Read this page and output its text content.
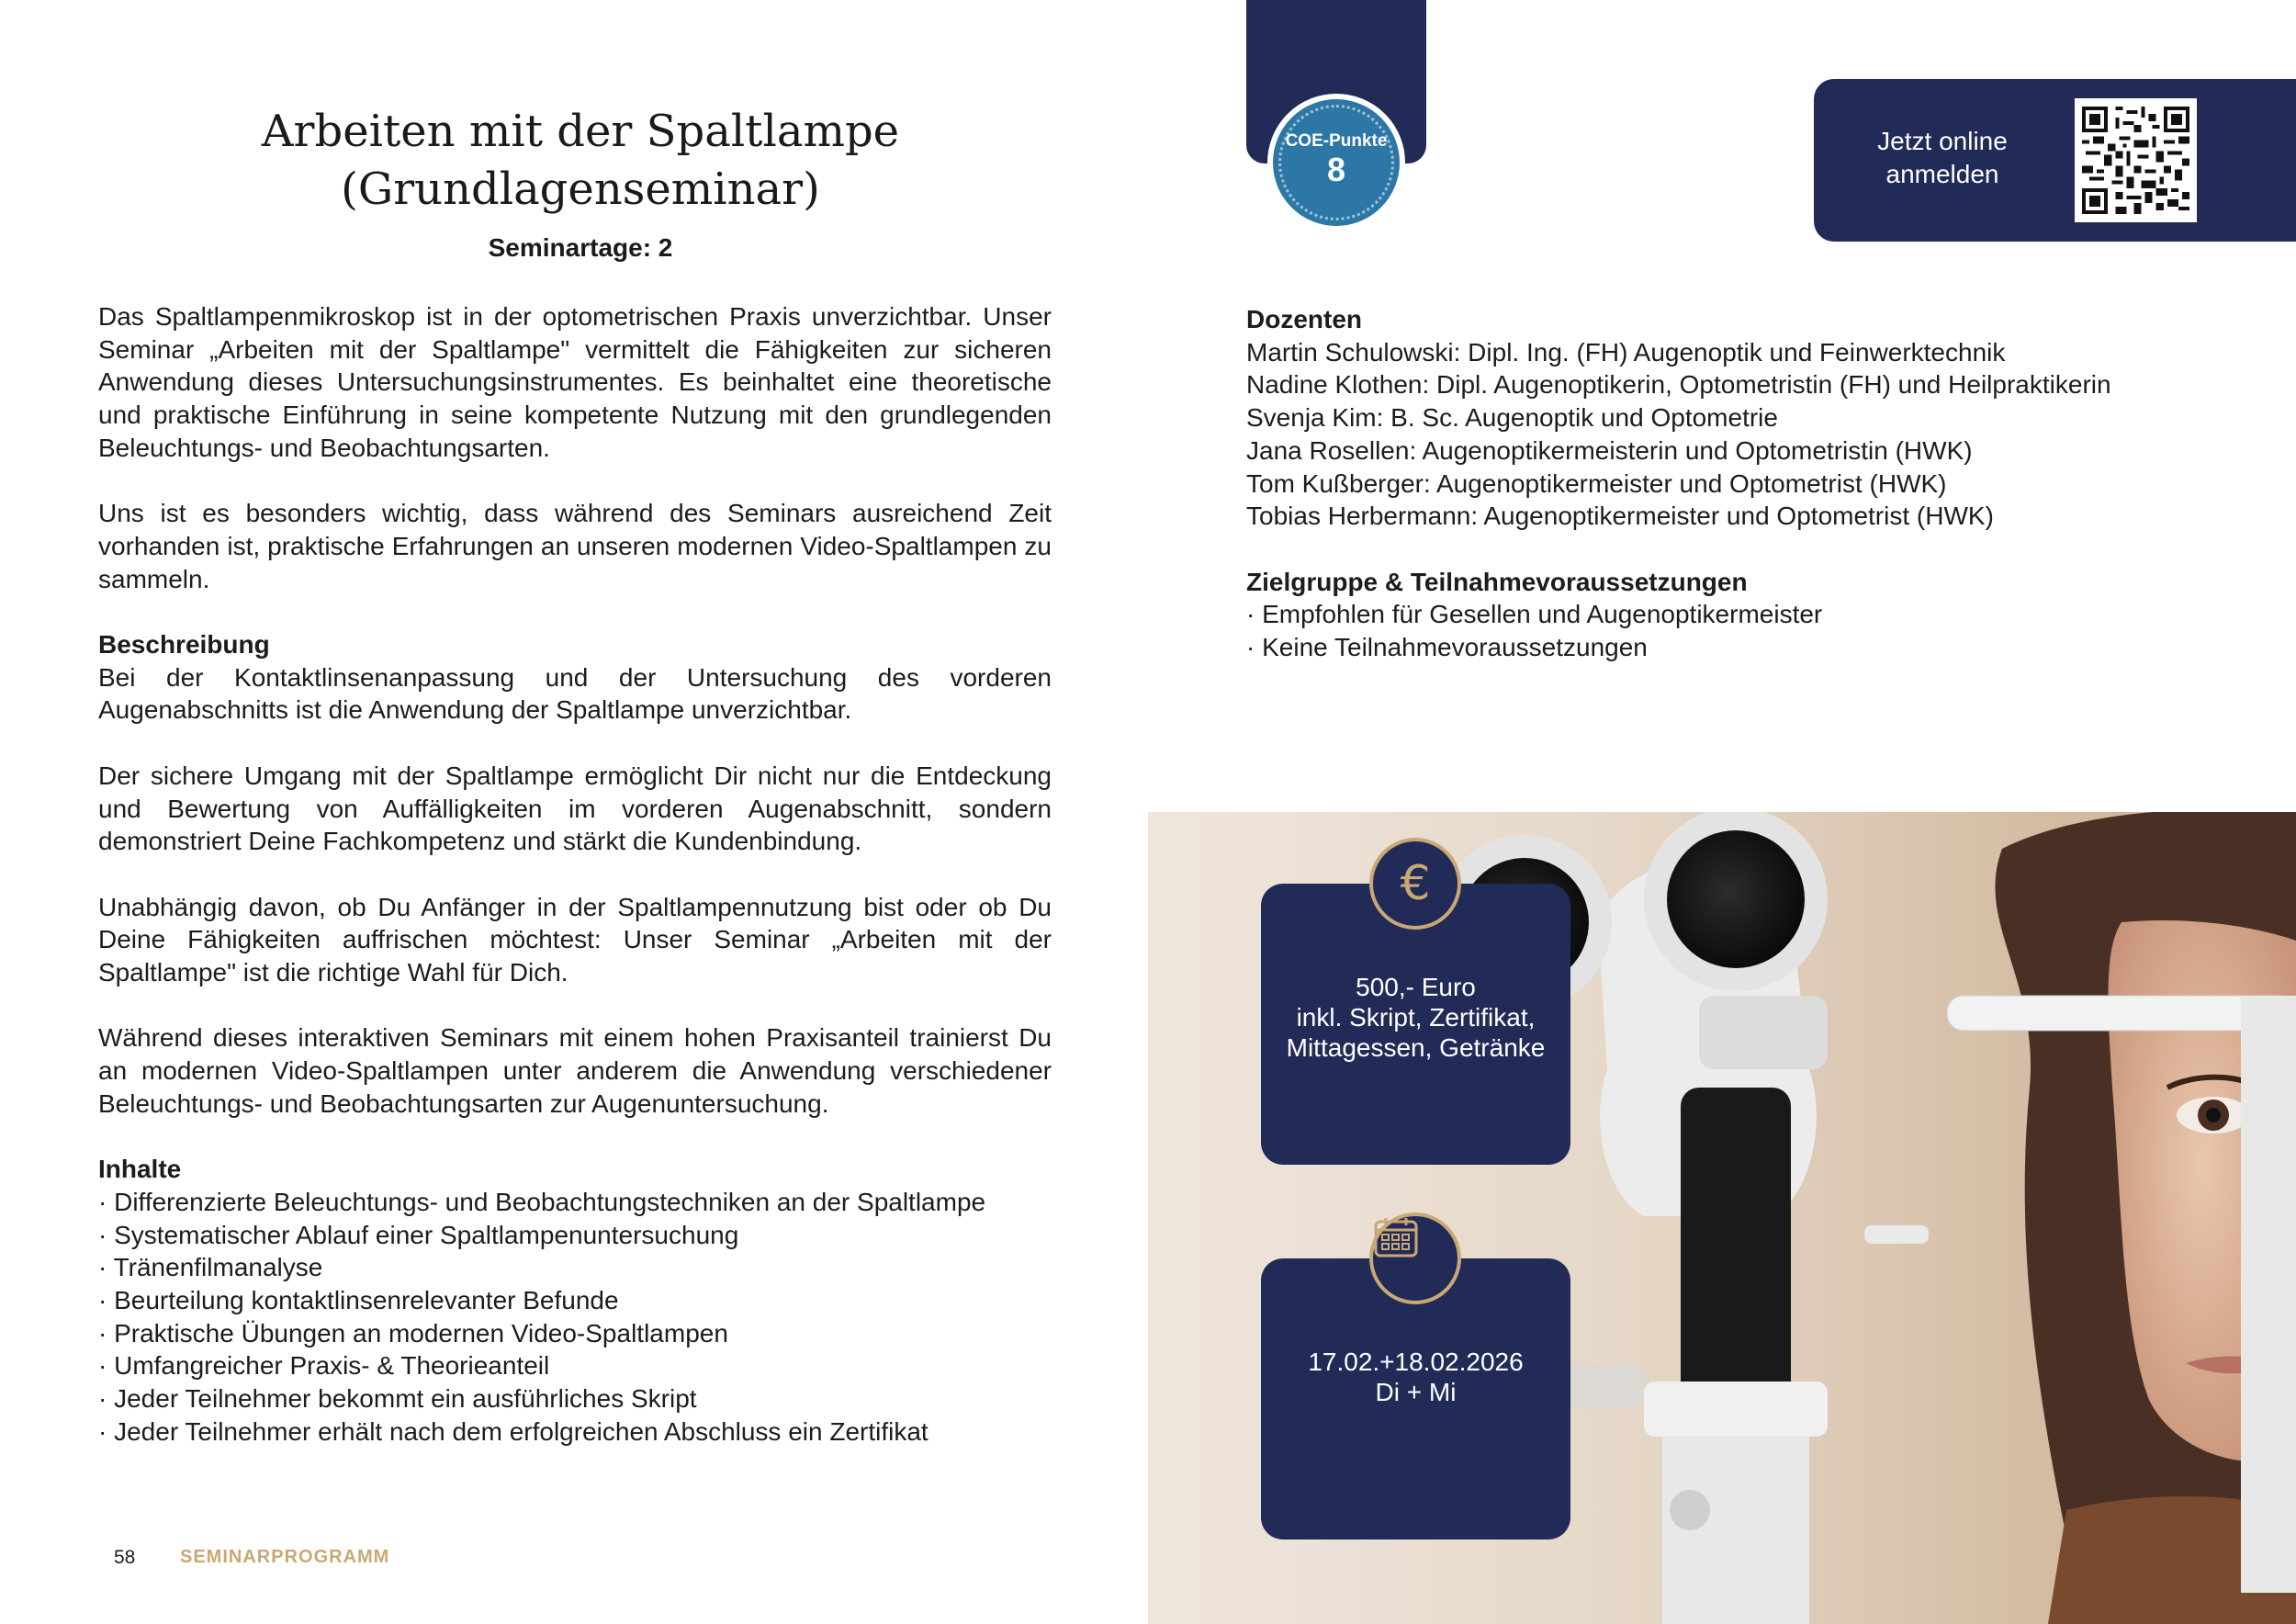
Arbeiten mit der Spaltlampe
(Grundlagenseminar)
Seminartage: 2

Das Spaltlampenmikroskop ist in der optometrischen Praxis unverzichtbar. Unser Seminar „Arbeiten mit der Spaltlampe" vermittelt die Fähigkeiten zur sicheren Anwendung dieses Untersuchungsinstrumentes. Es beinhaltet eine theoretische und praktische Einführung in seine kompetente Nutzung mit den grundlegenden Beleuchtungs- und Beobachtungsarten.

Uns ist es besonders wichtig, dass während des Seminars ausreichend Zeit vorhanden ist, praktische Erfahrungen an unseren modernen Video-Spaltlampen zu sammeln.

Beschreibung

Bei der Kontaktlinsenanpassung und der Untersuchung des vorderen Augenabschnitts ist die Anwendung der Spaltlampe unverzichtbar.

Der sichere Umgang mit der Spaltlampe ermöglicht Dir nicht nur die Entdeckung und Bewertung von Auffälligkeiten im vorderen Augenabschnitt, sondern demonstriert Deine Fachkompetenz und stärkt die Kundenbindung.

Unabhängig davon, ob Du Anfänger in der Spaltlampennutzung bist oder ob Du Deine Fähigkeiten auffrischen möchtest: Unser Seminar „Arbeiten mit der Spaltlampe" ist die richtige Wahl für Dich.

Während dieses interaktiven Seminars mit einem hohen Praxisanteil trainierst Du an modernen Video-Spaltlampen unter anderem die Anwendung verschiedener Beleuchtungs- und Beobachtungsarten zur Augenuntersuchung.

Inhalte
· Differenzierte Beleuchtungs- und Beobachtungstechniken an der Spaltlampe
· Systematischer Ablauf einer Spaltlampenuntersuchung
· Tränenfilmanalyse
· Beurteilung kontaktlinsenrelevanter Befunde
· Praktische Übungen an modernen Video-Spaltlampen
· Umfangreicher Praxis- & Theorieanteil
· Jeder Teilnehmer bekommt ein ausführliches Skript
· Jeder Teilnehmer erhält nach dem erfolgreichen Abschluss ein Zertifikat
58 SEMINARPROGRAMM
COE-Punkte
8
Jetzt online
anmelden
Dozenten
Martin Schulowski: Dipl. Ing. (FH) Augenoptik und Feinwerktechnik
Nadine Klothen: Dipl. Augenoptikerin, Optometristin (FH) und Heilpraktikerin
Svenja Kim: B. Sc. Augenoptik und Optometrie
Jana Rosellen: Augenoptikermeisterin und Optometristin (HWK)
Tom Kußberger: Augenoptikermeister und Optometrist (HWK)
Tobias Herbermann: Augenoptikermeister und Optometrist (HWK)
Zielgruppe & Teilnahmevoraussetzungen
· Empfohlen für Gesellen und Augenoptikermeister
· Keine Teilnahmevoraussetzungen
€
500,- Euro
inkl. Skript, Zertifikat,
Mittagessen, Getränke
17.02.+18.02.2026
Di + Mi
